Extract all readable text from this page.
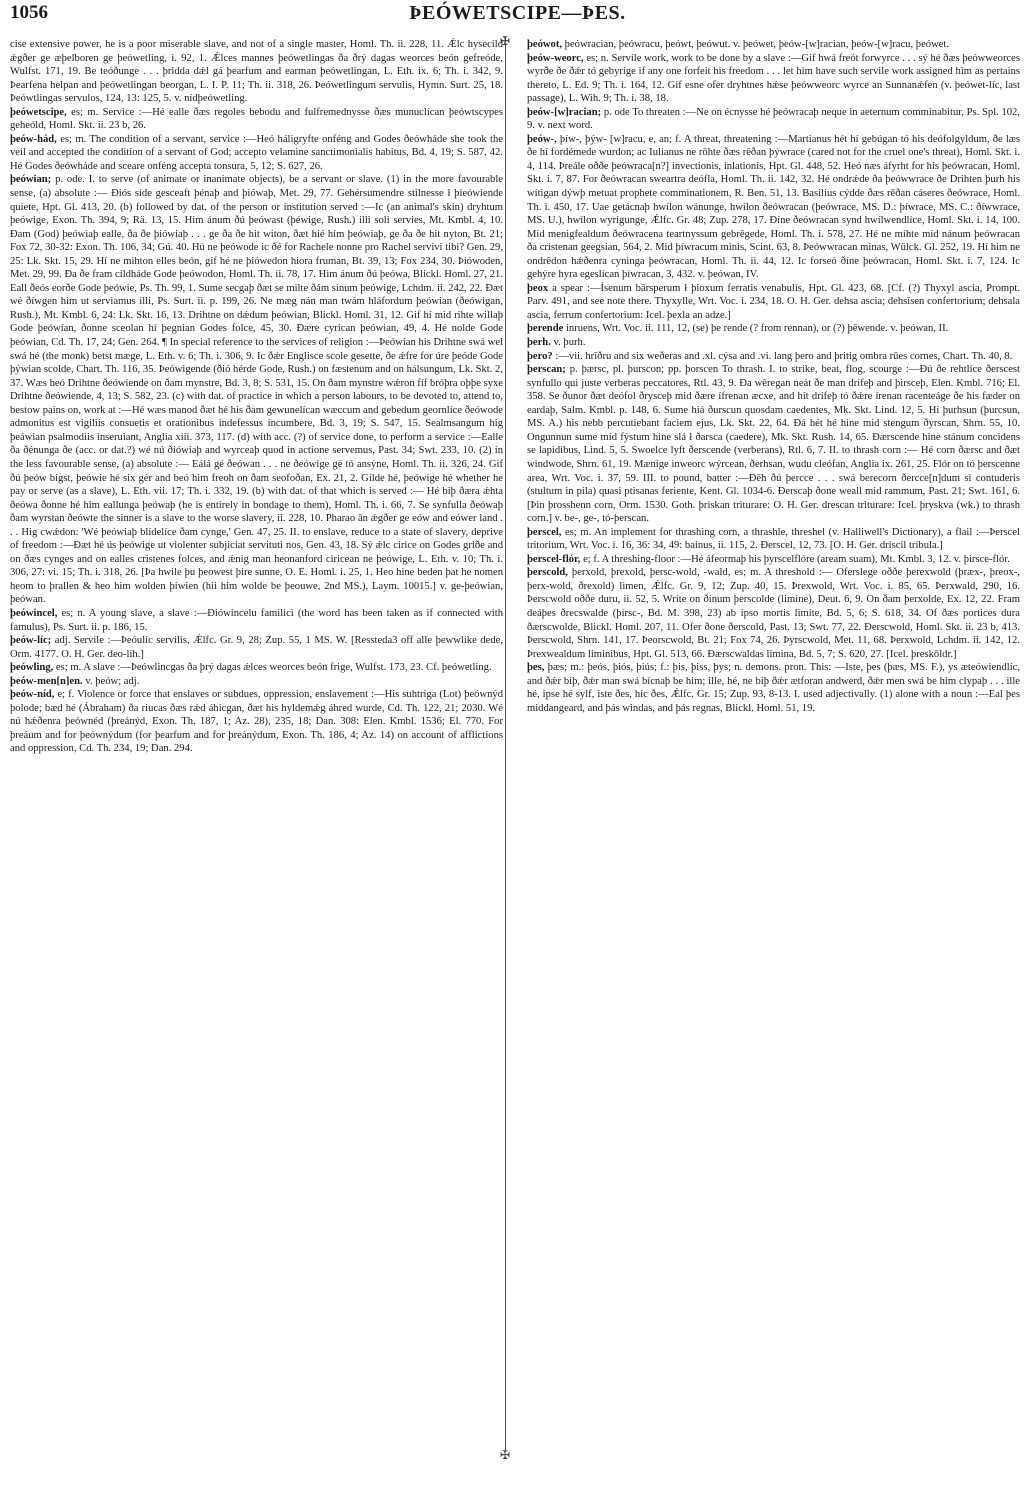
1056	ÞEÓWETSCIPE—ÞES.
✠
✠

cise extensive power, he is a poor miserable slave, and not of a single master, Homl. Th. ii. 228, 11. Ǽlc hysecild ǽgðer ge æþelboren ge þeówetling, i. 92, 1. Ǽlces mannes þeówetlingas ða ðrý dagas weorces beón gefreóde, Wulfst. 171, 19. Be teóðunge . . . þridda dǽl gá þearfum and earman þeówetlingan, L. Eth. ix. 6; Th. i. 342, 9. Þearfena helpan and þeówetlingan beorgan, L. I. P. 11; Th. ii. 318, 26. Þeówetlingum servulis, Hymn. Surt. 25, 18. Þeówtlingas servulos, 124, 13: 125, 5. v. nídþeówetling.

þeówetscipe, es; m. Service :—Hé ealle ðæs regoles bebodu and fulfremednysse ðæs munuclícan þeówtscypes geheóld, Homl. Skt. ii. 23 b, 26.

þeów-hád, es; m. The condition of a servant, service :—Heó háligryfte onféng and Godes ðeówháde she took the veil and accepted the condition of a servant of God; accepto velamine sanctimonialis habitus, Bd. 4, 19; S. 587, 42. Hé Godes ðeówháde and sceare onféng accepta tonsura, 5, 12; S. 627, 26.

þeówian; p. ode. I. to serve (of animate or inanimate objects), be a servant or slave. (1) in the more favourable sense, (a) absolute :— Ðiós síde gesceaft þénaþ and þiówaþ, Met. 29, 77. Gehérsumendre stilnesse ł þieówiende quiete, Hpt. Gl. 413, 20. (b) followed by dat. of the person or institution served :—Ic (an animal's skin) dryhtum þeówige, Exon. Th. 394, 9; Rä. 13, 15. Him ánum ðú þeówast (þéwige, Rush.) illi soli servies, Mt. Kmbl. 4, 10. Ðam (God) þeówiaþ ealle, ða ðe þiówiaþ . . . ge ða ðe hit witon, ðæt hié him þeówiaþ, ge ða ðe hit nyton, Bt. 21; Fox 72, 30-32: Exon. Th. 106, 34; Gú. 40. Hú ne þeówode ic ðé for Rachele nonne pro Rachel servivi tibi? Gen. 29, 25: Lk. Skt. 15, 29. Hí ne mihton elles beón, gif hé ne þiówedon hiora fruman, Bt. 39, 13; Fox 234, 30. Þiówoden, Met. 29, 99. Ða ðe fram cildháde Gode þeówodon, Homl. Th. ii. 78, 17. Him ánum ðú þeówa, Blickl. Homl. 27, 21. Eall ðeós eorðe Gode þeówie, Ps. Th. 99, 1. Sume secgaþ ðæt se milte ðám sinum þeówige, Lchdm. ii. 242, 22. Ðæt wé ðíwgen him ut serviamus illi, Ps. Surt. ii. p. 199, 26. Ne mæg nán man twám hláfordum þeówian (ðeówigan, Rush.), Mt. Kmbl. 6, 24: Lk. Skt. 16, 13. Drihtne on dǽdum þeówian, Blickl. Homl. 31, 12. Gif hí mid rihte willaþ Gode þeówian, ðonne sceolan hí þegnian Godes folce, 45, 30. Ðære cyrican þeówian, 49, 4. Hé nolde Gode þeówian, Cd. Th. 17, 24; Gen. 264. ¶ In special reference to the services of religion :—Þeówian his Drihtne swá wel swá hé (the monk) betst mæge, L. Eth. v. 6; Th. i. 306, 9. Ic ðǽr Englisce scole gesette, ðe ǽfre for úre þeóde Gode þýwian scolde, Chart. Th. 116, 35. Þeówigende (ðió hérde Gode, Rush.) on fæstenum and on hálsungum, Lk. Skt. 2, 37. Wæs heó Drihtne ðeówiende on ðam mynstre, Bd. 3, 8; S. 531, 15. On ðam mynstre wǽron fíf bróþra oþþe syxe Drihtne ðeówiende, 4, 13; S. 582, 23. (c) with dat. of practice in which a person labours, to be devoted to, attend to, bestow pains on, work at :—Hé wæs manod ðæt hé his ðam gewunelícan wæccum and gebedum geornlíce ðeówode admonitus est vigiliis consuetis et orationibus indefessus incumbere, Bd. 3, 19; S. 547, 15. Sealmsangum hig þeáwian psalmodiis inseruiant, Anglia xiii. 373, 117. (d) with acc. (?) of service done, to perform a service :—Ealle ða ðénunga ðe (acc. or dat.?) wé nú ðiówiaþ and wyrceaþ quod in actione servemus, Past. 34; Swt. 233, 10. (2) in the less favourable sense, (a) absolute :— Eálá gé ðeówan . . . ne ðeówige gé tó ansýne, Homl. Th. ii. 326, 24. Gif ðú þeów bigst, þeówie hé six gér and beó him freoh on ðam seofoðan, Ex. 21, 2. Gilde hé, þeówige hé whether he pay or serve (as a slave), L. Eth. vii. 17; Th. i. 332, 19. (b) with dat. of that which is served :— Hé biþ ðæra ǽhta ðeówa ðonne hé him eallunga þeówaþ (he is entirely in bondage to them), Homl. Th. i. 66, 7. Se synfulla ðeówaþ ðam wyrstan ðeówte the sinner is a slave to the worse slavery, ii. 228, 10. Pharao ān ǽgðer ge eów and eówer land . . . Hig cwǽdon: 'Wé þeówiaþ blídelíce ðam cynge,' Gen. 47, 25. II. to enslave, reduce to a state of slavery, deprive of freedom :—Ðæt hé ús þeówige ut violenter subjiciat servituti nos, Gen. 43, 18. Sý ǽlc cirice on Godes griðe and on ðæs cynges and on ealles cristenes folces, and ǽnig man heonanford ciricean ne þeówige, L. Eth. v. 10; Th. i. 306, 27: vi. 15; Th. i. 318, 26. [Þa hwile þu þeowest þire sunne, O. E. Homl. i. 25, 1. Heo hine beden þat he nomen heom to þrallen & heo him wolden þiwien (hii him wolde be þeouwe, 2nd MS.), Laym. 10015.] v. ge-þeówian, þeówan.

þeówincel, es; n. A young slave, a slave :—Ðiówincelu familici (the word has been taken as if connected with famulus), Ps. Surt. ii. p. 186, 15.

þeów-líc; adj. Servile :—Þeóulíc servilis, Ǽlfc. Gr. 9, 28; Zup. 55, 1 MS. W. [Ressteda3 off alle þewwlike dede, Orm. 4177. O. H. Ger. deo-lih.]

þeówling, es; m. A slave :—Þeówlincgas ða þrý dagas ǽlces weorces beón frige, Wulfst. 173, 23. Cf. þeówetling.

þeów-men[n]en. v. þeów; adj.

þeów-níd, e; f. Violence or force that enslaves or subdues, oppression, enslavement :—His suhtriga (Lot) þeównýd þolode; bæd hé (Ábraham) ða riucas ðæs rǽd áhicgan, ðæt his hyldemǽg áhred wurde, Cd. Th. 122, 21; 2030. Wé nú hǽðenra þeównéd (þreánýd, Exon. Th. 187, 1; Az. 28), 235, 18; Dan. 308: Elen. Kmbl. 1536; El. 770. For þreáum and for þeównýdum (for þearfum and for þreánýdum, Exon. Th. 186, 4; Az. 14) on account of afflictions and oppression, Cd. Th. 234, 19; Dan. 294.

þeówot, þeówracian, þeówracu, þeówt, þeówut. v. þeówet, þeów-[w]racian, þeów-[w]racu, þeówet.

þeów-weorc, es; n. Servile work, work to be done by a slave :—Gif hwá freót forwyrce . . . sý hé ðæs þeówweorces wyrðe ðe ðǽr tó gebyrige if any one forfeit his freedom . . . let him have such servile work assigned him as pertains thereto, L. Ed. 9; Th. i. 164, 12. Gif esne ofer dryhtnes hǽse þeówweorc wyrce an Sunnanǽfen (v. þeówet-líc, last passage), L. Wih. 9; Th. i. 38, 18.

þeów-[w]racian; p. ode To threaten :—Ne on écnysse hé þeówracaþ neque in aeternum comminabitur, Ps. Spl. 102, 9. v. next word.

þeów-, þíw-, þýw- [w]racu, e, an; f. A threat, threatening :—Martianus hét hí gebúgan tó his deófolgyldum, ðe læs ðe hí fordémede wurdon; ac Iulianus ne rōhte ðæs rēðan þýwrace (cared not for the cruel one's threat), Homl. Skt. i. 4, 114. Þreále oððe þeówraca[n?] invectionis, inlationis, Hpt. Gl. 448, 52. Heó næs áfyrht for his þeówracan, Homl. Skt. i. 7, 87. For ðeówracan sweartra deófla, Homl. Th. ii. 142, 32. Hé ondrǽde ða þeówwrace ðe Drihten þurh his wítigan dýwþ metuat prophete comminationem, R. Ben. 51, 13. Basilius cýdde ðæs rēðan cáseres ðeówrace, Homl. Th. i. 450, 17. Uae getácnaþ hwílon wánunge, hwílon ðeówracan (þeówrace, MS. D.: þíwrace, MS. C.: ðíwwrace, MS. U.), hwílon wyrigunge, Ǽlfc. Gr. 48; Zup. 278, 17. Ðíne ðeówracan synd hwílwendlíce, Homl. Skt. i. 14, 100. Mid menigfealdum ðeówracena teartnyssum gebrēgede, Homl. Th. i. 578, 27. Hé ne mihte mid nánum þeówracan ða cristenan geegsian, 564, 2. Mid þíwracum minis, Scint. 63, 8. Þeówwracan minas, Wülck. Gl. 252, 19. Hí him ne ondrēdon hǽðenra cyninga þeówracan, Homl. Th. ii. 44, 12. Ic forseó ðíne þeówracan, Homl. Skt. i. 7, 124. Ic gehýre hyra egeslícan þíwracan, 3, 432. v. þeówan, IV.

þeox a spear :—Ísenum bārsperum ł þioxum ferratis venabulis, Hpt. Gl. 423, 68. [Cf. (?) Thyxyl ascia, Prompt. Parv. 491, and see note there. Thyxylle, Wrt. Voc. i. 234, 18. O. H. Ger. dehsa ascia; dehsīsen confertorium; dehsala ascia, ferrum confertorium: Icel. þexla an adze.]

þerende inruens, Wrt. Voc. ii. 111, 12, (se) þe rende (? from rennan), or (?) þēwende. v. þeówan, II.

þerh. v. þurh.

þero? :—vii. hrīðru and six weðeras and .xl. cýsa and .vi. lang þero and þritig ombra rūes cornes, Chart. Th. 40, 8.

þerscan; p. þærsc, pl. þurscon; pp. þorscen To thrash. I. to strike, beat, flog, scourge :—Ðú ðe rehtlíce ðerscest synfullo qui juste verberas peccatores, Rtl. 43, 9. Ða wēregan neát ðe man drífeþ and þirsceþ, Elen. Kmbl. 716; El. 358. Se ðunor ðæt deófol ðrysceþ mid ðære ífrenan æcxe, and hit drífeþ tó ðǽre írenan racenteáge ðe his fæder on eardaþ, Salm. Kmbl. p. 148, 6. Sume hiá ðurscun quosdam caedentes, Mk. Skt. Lind. 12, 5. Hí þurhsun (þurcsun, MS. A.) his nebb percutiebant faciem ejus, Lk. Skt. 22, 64. Ðá hét hé hine mid stengum ðyrscan, Shrn. 55, 10. Ongunnun sume míd fýstum hine slá ł ðarsca (caedere), Mk. Skt. Rush. 14, 65. Ðærscende hine stánum concidens se lapidibus, Lind. 5, 5. Swoelce lyft ðerscende (verberans), Rtl. 6, 7. II. to thrash corn :— Hé corn ðærsc and ðæt windwode, Shrn. 61, 19. Mænige inweorc wýrcean, ðerhsan, wudu cleófan, Anglia ix. 261, 25. Flór on tó þerscenne area, Wrt. Voc. i. 37, 59. III. to pound, batter :—Ðēh ðú þercce . . . swá berecorn ðercce[n]dum si contuderis (stultum in pila) quasi ptisanas feriente, Kent. Gl. 1034-6. Ðerscaþ ðone weall mid rammum, Past. 21; Swt. 161, 6. [Þin þrosshenn corn, Orm. 1530. Goth. þriskan triturare: O. H. Ger. drescan triturare: Icel. þryskva (wk.) to thrash corn.] v. be-, ge-, tó-þerscan.

þerscel, es; m. An implement for thrashing corn, a thrashle, threshel (v. Halliwell's Dictionary), a flail :—Þerscel tritorium, Wrt. Voc. i. 16, 36: 34, 49: bainus, ii. 115, 2. Ðerscel, 12, 73. [O. H. Ger. driscil tribula.]

þerscel-flór, e; f. A threshing-floor :—Hé áfeormaþ his þyrscelflóre (aream suam), Mt. Kmbl. 3, 12. v. þirsce-flór.

þerscold, þerxold, þrexold, þersc-wold, -wald, es; m. A threshold :— Oferslege oððe þerexwold (þræx-, þreox-, þerx-wold, ðrexold) limen, Ǽlfc. Gr. 9, 12; Zup. 40, 15. Þrexwold, Wrt. Voc. i. 85, 65. Þerxwald, 290, 16. Þerscwold oððe duru, ii. 52, 5. Wríte on ðínum þerscolde (limine), Deut. 6, 9. On ðam þerxolde, Ex. 12, 22. Fram deáþes ðrecswalde (þirsc-, Bd. M. 398, 23) ab ipso mortis limite, Bd. 5, 6; S. 618, 34. Of ðæs portices dura ðærscwolde, Blickl. Homl. 207, 11. Ofer ðone ðerscold, Past. 13; Swt. 77, 22. Ðerscwold, Homl. Skt. ii. 23 b, 413. Þerscwold, Shrn. 141, 17. Þeorscwold, Bt. 21; Fox 74, 26. Þyrscwold, Met. 11, 68. Þerxwold, Lchdm. ii. 142, 12. Þrexwealdum liminibus, Hpt. Gl. 513, 66. Ðærscwaldas limina, Bd. 5, 7; S. 620, 27. [Icel. þreskōldr.]

þes, þæs; m.: þeós, þiós, þiús; f.: þis, þiss, þys; n. demons. pron. This: —Iste, þes (þæs, MS. F.), ys æteówiendlíc, and ðǽr biþ, ðǽr man swá bícnaþ be him; ille, hé, ne biþ ðǽr ætforan andwerd, ðǽr men swá be him clypaþ . . . ille hé, ipse hé sylf, iste ðes, hic ðes, Ǽlfc. Gr. 15; Zup. 93, 8-13. I. used adjectivally. (1) alone with a noun :—Eal þes middangeard, and þás windas, and þás regnas, Blickl. Homl. 51, 19.
